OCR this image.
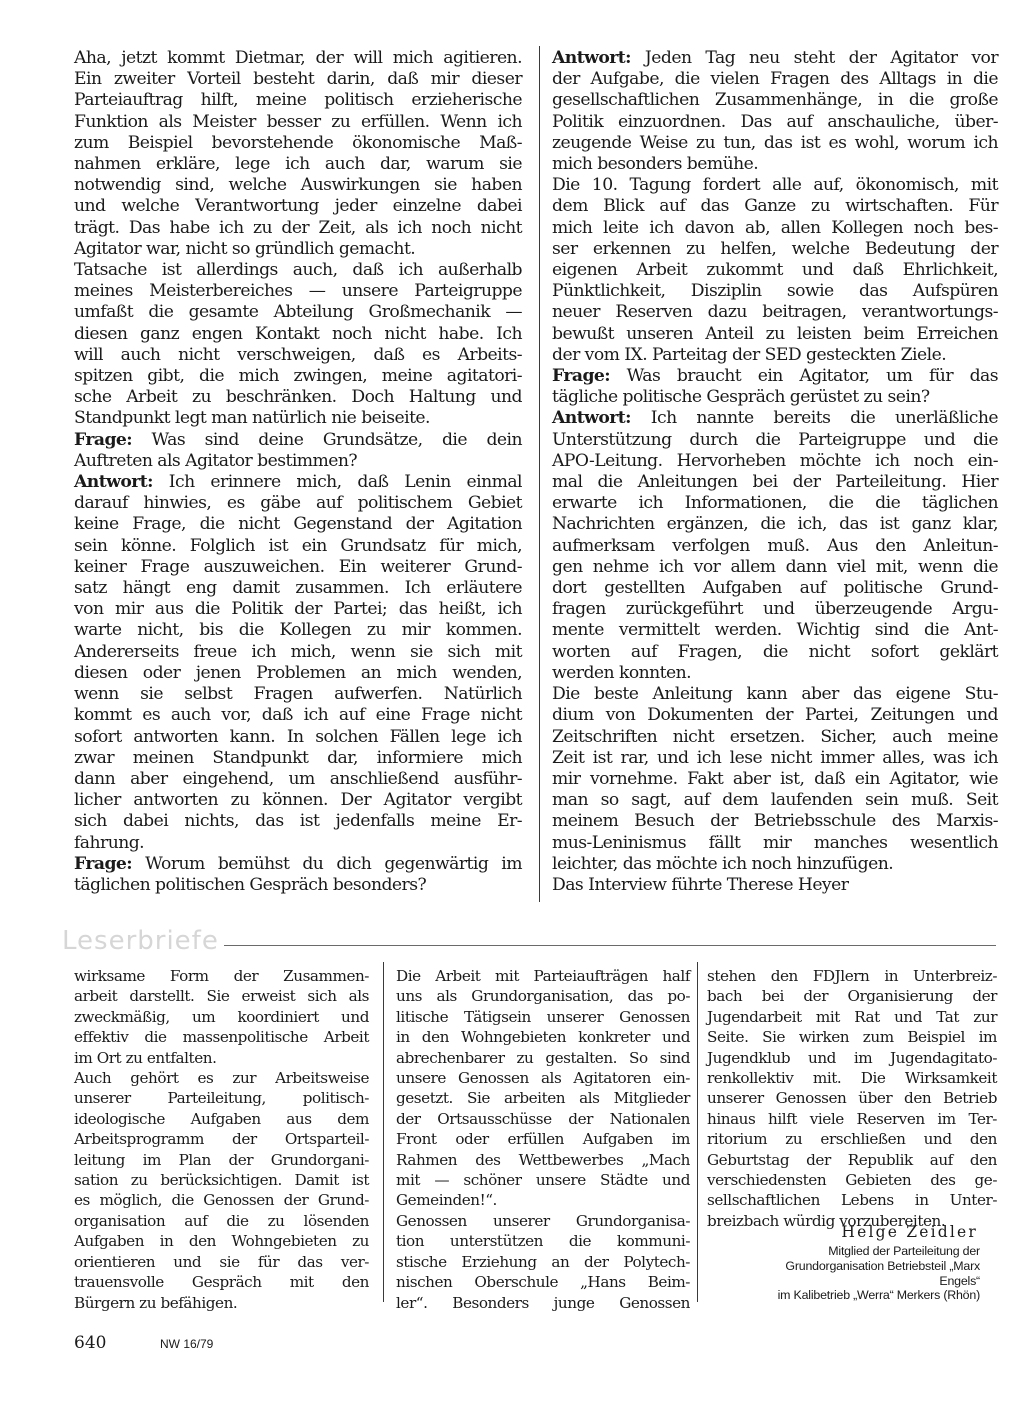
Aha, jetzt kommt Dietmar, der will mich agitieren.
Ein zweiter Vorteil besteht darin, daß mir dieser
Parteiauftrag hilft, meine politisch erzieherische
Funktion als Meister besser zu erfüllen. Wenn ich
zum Beispiel bevorstehende ökonomische Maß-
nahmen erkläre, lege ich auch dar, warum sie
notwendig sind, welche Auswirkungen sie haben
und welche Verantwortung jeder einzelne dabei
trägt. Das habe ich zu der Zeit, als ich noch nicht
Agitator war, nicht so gründlich gemacht.
Tatsache ist allerdings auch, daß ich außerhalb
meines Meisterbereiches — unsere Parteigruppe
umfaßt die gesamte Abteilung Großmechanik —
diesen ganz engen Kontakt noch nicht habe. Ich
will auch nicht verschweigen, daß es Arbeits-
spitzen gibt, die mich zwingen, meine agitatori-
sche Arbeit zu beschränken. Doch Haltung und
Standpunkt legt man natürlich nie beiseite.
Frage: Was sind deine Grundsätze, die dein
Auftreten als Agitator bestimmen?
Antwort: Ich erinnere mich, daß Lenin einmal
darauf hinwies, es gäbe auf politischem Gebiet
keine Frage, die nicht Gegenstand der Agitation
sein könne. Folglich ist ein Grundsatz für mich,
keiner Frage auszuweichen. Ein weiterer Grund-
satz hängt eng damit zusammen. Ich erläutere
von mir aus die Politik der Partei; das heißt, ich
warte nicht, bis die Kollegen zu mir kommen.
Andererseits freue ich mich, wenn sie sich mit
diesen oder jenen Problemen an mich wenden,
wenn sie selbst Fragen aufwerfen. Natürlich
kommt es auch vor, daß ich auf eine Frage nicht
sofort antworten kann. In solchen Fällen lege ich
zwar meinen Standpunkt dar, informiere mich
dann aber eingehend, um anschließend ausführ-
licher antworten zu können. Der Agitator vergibt
sich dabei nichts, das ist jedenfalls meine Er-
fahrung.
Frage: Worum bemühst du dich gegenwärtig im
täglichen politischen Gespräch besonders?
Antwort: Jeden Tag neu steht der Agitator vor
der Aufgabe, die vielen Fragen des Alltags in die
gesellschaftlichen Zusammenhänge, in die große
Politik einzuordnen. Das auf anschauliche, über-
zeugende Weise zu tun, das ist es wohl, worum ich
mich besonders bemühe.
Die 10. Tagung fordert alle auf, ökonomisch, mit
dem Blick auf das Ganze zu wirtschaften. Für
mich leite ich davon ab, allen Kollegen noch bes-
ser erkennen zu helfen, welche Bedeutung der
eigenen Arbeit zukommt und daß Ehrlichkeit,
Pünktlichkeit, Disziplin sowie das Aufspüren
neuer Reserven dazu beitragen, verantwortungs-
bewußt unseren Anteil zu leisten beim Erreichen
der vom IX. Parteitag der SED gesteckten Ziele.
Frage: Was braucht ein Agitator, um für das
tägliche politische Gespräch gerüstet zu sein?
Antwort: Ich nannte bereits die unerläßliche
Unterstützung durch die Parteigruppe und die
APO-Leitung. Hervorheben möchte ich noch ein-
mal die Anleitungen bei der Parteileitung. Hier
erwarte ich Informationen, die die täglichen
Nachrichten ergänzen, die ich, das ist ganz klar,
aufmerksam verfolgen muß. Aus den Anleitun-
gen nehme ich vor allem dann viel mit, wenn die
dort gestellten Aufgaben auf politische Grund-
fragen zurückgeführt und überzeugende Argu-
mente vermittelt werden. Wichtig sind die Ant-
worten auf Fragen, die nicht sofort geklärt
werden konnten.
Die beste Anleitung kann aber das eigene Stu-
dium von Dokumenten der Partei, Zeitungen und
Zeitschriften nicht ersetzen. Sicher, auch meine
Zeit ist rar, und ich lese nicht immer alles, was ich
mir vornehme. Fakt aber ist, daß ein Agitator, wie
man so sagt, auf dem laufenden sein muß. Seit
meinem Besuch der Betriebsschule des Marxis-
mus-Leninismus fällt mir manches wesentlich
leichter, das möchte ich noch hinzufügen.
Das Interview führte Therese Heyer
Leserbriefe
wirksame Form der Zusammen-
arbeit darstellt. Sie erweist sich als
zweckmäßig, um koordiniert und
effektiv die massenpolitische Arbeit
im Ort zu entfalten.
Auch gehört es zur Arbeitsweise
unserer Parteileitung, politisch-
ideologische Aufgaben aus dem
Arbeitsprogramm der Ortsparteil-
leitung im Plan der Grundorgani-
sation zu berücksichtigen. Damit ist
es möglich, die Genossen der Grund-
organisation auf die zu lösenden
Aufgaben in den Wohngebieten zu
orientieren und sie für das ver-
trauensvolle Gespräch mit den
Bürgern zu befähigen.
Die Arbeit mit Parteiaufträgen half
uns als Grundorganisation, das po-
litische Tätigsein unserer Genossen
in den Wohngebieten konkreter und
abrechenbarer zu gestalten. So sind
unsere Genossen als Agitatoren ein-
gesetzt. Sie arbeiten als Mitglieder
der Ortsausschüsse der Nationalen
Front oder erfüllen Aufgaben im
Rahmen des Wettbewerbes „Mach
mit — schöner unsere Städte und
Gemeinden!“.
Genossen unserer Grundorganisa-
tion unterstützen die kommuni-
stische Erziehung an der Polytech-
nischen Oberschule „Hans Beim-
ler“. Besonders junge Genossen
stehen den FDJlern in Unterbreiz-
bach bei der Organisierung der
Jugendarbeit mit Rat und Tat zur
Seite. Sie wirken zum Beispiel im
Jugendklub und im Jugendagitato-
renkollektiv mit. Die Wirksamkeit
unserer Genossen über den Betrieb
hinaus hilft viele Reserven im Ter-
ritorium zu erschließen und den
Geburtstag der Republik auf den
verschiedensten Gebieten des ge-
sellschaftlichen Lebens in Unter-
breizbach würdig vorzubereiten.
Helge Zeidler
Mitglied der Parteileitung der
Grundorganisation Betriebsteil „Marx
Engels“
im Kalibetrieb „Werra“ Merkers (Rhön)
640	NW 16/79
